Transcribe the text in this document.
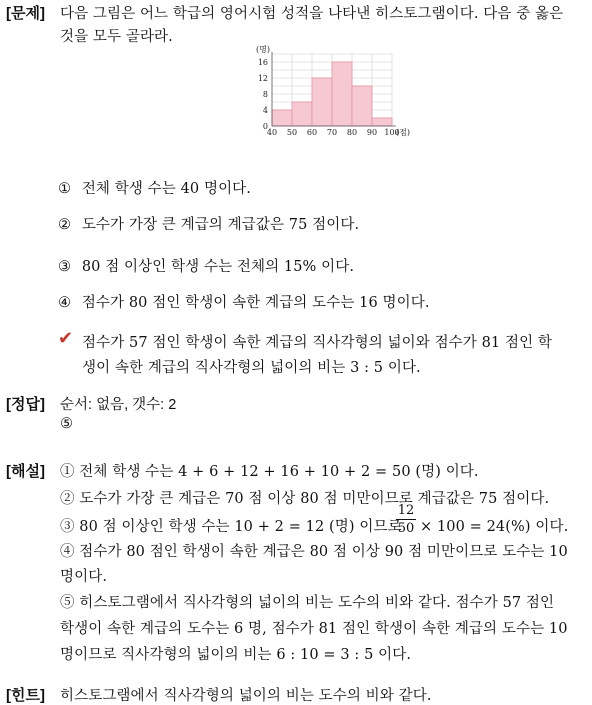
[문제] 다음 그림은 어느 학급의 영어시험 성적을 나타낸 히스토그램이다. 다음 중 옳은
것을 모두 골라라.
0
4
8
12
16
40 50 60 70 80 90 100
(명)
(점)
① 전체 학생 수는 40 명이다.
② 도수가 가장 큰 계급의 계급값은 75 점이다.
③ 80 점 이상인 학생 수는 전체의 15% 이다.
④ 점수가 80 점인 학생이 속한 계급의 도수는 16 명이다.
✔ 점수가 57 점인 학생이 속한 계급의 직사각형의 넓이와 점수가 81 점인 학
생이 속한 계급의 직사각형의 넓이의 비는 3 : 5 이다.
[정답] 순서: 없음, 갯수: 2
⑤
[해설] ① 전체 학생 수는 4 + 6 + 12 + 16 + 10 + 2 = 50 (명) 이다.
② 도수가 가장 큰 계급은 70 점 이상 80 점 미만이므로 계급값은 75 점이다.
③ 80 점 이상인 학생 수는 10 + 2 = 12 (명) 이므로
12
50 × 100 = 24(%) 이다.
④ 점수가 80 점인 학생이 속한 계급은 80 점 이상 90 점 미만이므로 도수는 10
명이다.
⑤ 히스토그램에서 직사각형의 넓이의 비는 도수의 비와 같다. 점수가 57 점인
학생이 속한 계급의 도수는 6 명, 점수가 81 점인 학생이 속한 계급의 도수는 10
명이므로 직사각형의 넓이의 비는 6 : 10 = 3 : 5 이다.
[힌트] 히스토그램에서 직사각형의 넓이의 비는 도수의 비와 같다.
